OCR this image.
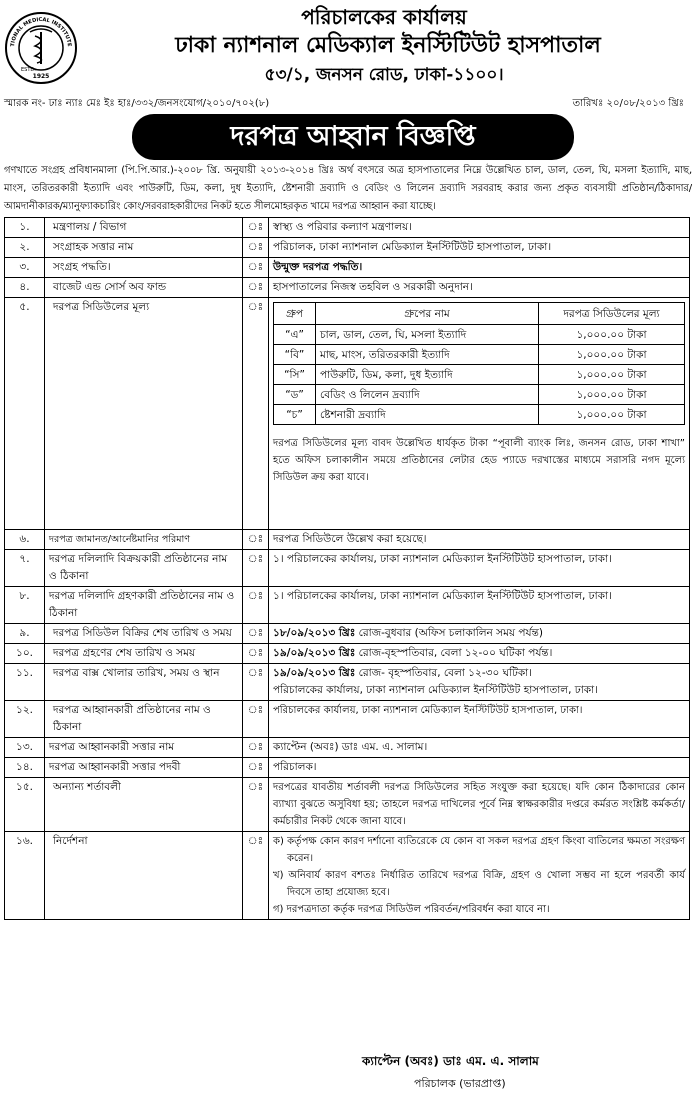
TIONAL MEDICAL INSTITUTE
ESTD.
1925
পরিচালকের কার্যালয়
ঢাকা ন্যাশনাল মেডিক্যাল ইনস্টিটিউট হাসপাতাল
৫৩/১, জনসন রোড, ঢাকা-১১০০।
স্মারক নং- ঢাঃ ন্যাঃ মেঃ ইঃ হাঃ/৩৩২/জনসংযোগ/২০১০/৭০২(৮)	তারিখঃ ২০/০৮/২০১৩ খ্রিঃ
দরপত্র আহ্বান বিজ্ঞপ্তি
গণখাতে সংগ্রহ প্রবিধানমালা (পি.পি.আর.)-২০০৮ খ্রি. অনুযায়ী ২০১৩-২০১৪ খ্রিঃ অর্থ বৎসরে অত্র হাসপাতালের নিম্নে উল্লেখিত চাল, ডাল, তেল, ঘি, মসলা ইত্যাদি, মাছ, মাংস, তরিতরকারী ইত্যাদি এবং পাউরুটি, ডিম, কলা, দুধ ইত্যাদি, ষ্টেশনারী দ্রব্যাদি ও বেডিং ও লিলেন দ্রব্যাদি সরবরাহ করার জন্য প্রকৃত ব্যবসায়ী প্রতিষ্ঠান/ঠিকাদার/আমদানীকারক/ম্যানুফ্যাকচারিং কোং/সরবরাহকারীদের নিকট হতে সীলমোহরকৃত খামে দরপত্র আহ্বান করা যাচ্ছে।
১.	মন্ত্রণালয় / বিভাগ	ঃ	স্বাস্থ্য ও পরিবার কল্যাণ মন্ত্রণালয়।
২.	সংগ্রাহক সত্তার নাম	ঃ	পরিচালক, ঢাকা ন্যাশনাল মেডিক্যাল ইনস্টিটিউট হাসপাতাল, ঢাকা।
৩.	সংগ্রহ পদ্ধতি।	ঃ	উন্মুক্ত দরপত্র পদ্ধতি।
৪.	বাজেট এন্ড সোর্স অব ফান্ড	ঃ	হাসপাতালের নিজস্ব তহবিল ও সরকারী অনুদান।
৫.	দরপত্র সিডিউলের মূল্য	ঃ	
গ্রুপ	গ্রুপের নাম	দরপত্র সিডিউলের মূল্য
“এ”	চাল, ডাল, তেল, ঘি, মসলা ইত্যাদি	১,০০০.০০ টাকা
“বি”	মাছ, মাংস, তরিতরকারী ইত্যাদি	১,০০০.০০ টাকা
“সি”	পাউরুটি, ডিম, কলা, দুধ ইত্যাদি	১,০০০.০০ টাকা
“ড”	বেডিং ও লিলেন দ্রব্যাদি	১,০০০.০০ টাকা
“চ”	ষ্টেশনারী দ্রব্যাদি	১,০০০.০০ টাকা
দরপত্র সিডিউলের মূল্য বাবদ উল্লেখিত ধার্যকৃত টাকা “পূবালী ব্যাংক লিঃ, জনসন রোড, ঢাকা শাখা” হতে অফিস চলাকালীন সময়ে প্রতিষ্ঠানের লেটার হেড প্যাডে দরখাস্তের মাধ্যমে সরাসরি নগদ মূল্যে সিডিউল ক্রয় করা যাবে।

৬.	দরপত্র জামানত/আর্নেষ্টমানির পরিমাণ	ঃ	দরপত্র সিডিউলে উল্লেখ করা হয়েছে।
৭.	দরপত্র দলিলাদি বিক্রয়কারী প্রতিষ্ঠানের নাম ও ঠিকানা	ঃ	১। পরিচালকের কার্যালয়, ঢাকা ন্যাশনাল মেডিক্যাল ইনস্টিটিউট হাসপাতাল, ঢাকা।
৮.	দরপত্র দলিলাদি গ্রহণকারী প্রতিষ্ঠানের নাম ও ঠিকানা	ঃ	১। পরিচালকের কার্যালয়, ঢাকা ন্যাশনাল মেডিক্যাল ইনস্টিটিউট হাসপাতাল, ঢাকা।
৯.	দরপত্র সিডিউল বিক্রির শেষ তারিখ ও সময়	ঃ	১৮/০৯/২০১৩ খ্রিঃ রোজ-বুধবার (অফিস চলাকালিন সময় পর্যন্ত)
১০.	দরপত্র গ্রহণের শেষ তারিখ ও সময়	ঃ	১৯/০৯/২০১৩ খ্রিঃ রোজ-বৃহস্পতিবার, বেলা ১২-০০ ঘটিকা পর্যন্ত।
১১.	দরপত্র বাক্স খোলার তারিখ, সময় ও স্থান	ঃ	১৯/০৯/২০১৩ খ্রিঃ রোজ- বৃহস্পতিবার, বেলা ১২-৩০ ঘটিকা।
পরিচালকের কার্যালয়, ঢাকা ন্যাশনাল মেডিক্যাল ইনস্টিটিউট হাসপাতাল, ঢাকা।

১২.	দরপত্র আহ্বানকারী প্রতিষ্ঠানের নাম ও ঠিকানা	ঃ	পরিচালকের কার্যালয়, ঢাকা ন্যাশনাল মেডিক্যাল ইনস্টিটিউট হাসপাতাল, ঢাকা।
১৩.	দরপত্র আহ্বানকারী সত্তার নাম	ঃ	ক্যাপ্টেন (অবঃ) ডাঃ এম. এ. সালাম।
১৪.	দরপত্র আহ্বানকারী সত্তার পদবী	ঃ	পরিচালক।
১৫.	অন্যান্য শর্তাবলী	ঃ	দরপত্রের যাবতীয় শর্তাবলী দরপত্র সিডিউলের সহিত সংযুক্ত করা হয়েছে। যদি কোন ঠিকাদারের কোন ব্যাখ্যা বুঝতে অসুবিধা হয়; তাহলে দরপত্র দাখিলের পূর্বে নিম্ন স্বাক্ষরকারীর দপ্তরে কর্মরত সংশ্লিষ্ট কর্মকর্তা/কর্মচারীর নিকট থেকে জানা যাবে।
১৬.	নির্দেশনা	ঃ	ক) কর্তৃপক্ষ কোন কারণ দর্শানো ব্যতিরেকে যে কোন বা সকল দরপত্র গ্রহণ কিংবা বাতিলের ক্ষমতা সংরক্ষণ করেন।
খ) অনিবার্য কারণ বশতঃ নির্ধারিত তারিখে দরপত্র বিক্রি, গ্রহণ ও খোলা সম্ভব না হলে পরবর্তী কার্য দিবসে তাহা প্রযোজ্য হবে।
গ) দরপত্রদাতা কর্তৃক দরপত্র সিডিউল পরিবর্তন/পরিবর্ধন করা যাবে না।
ক্যাপ্টেন (অবঃ) ডাঃ এম. এ. সালাম
পরিচালক (ভারপ্রাপ্ত)
